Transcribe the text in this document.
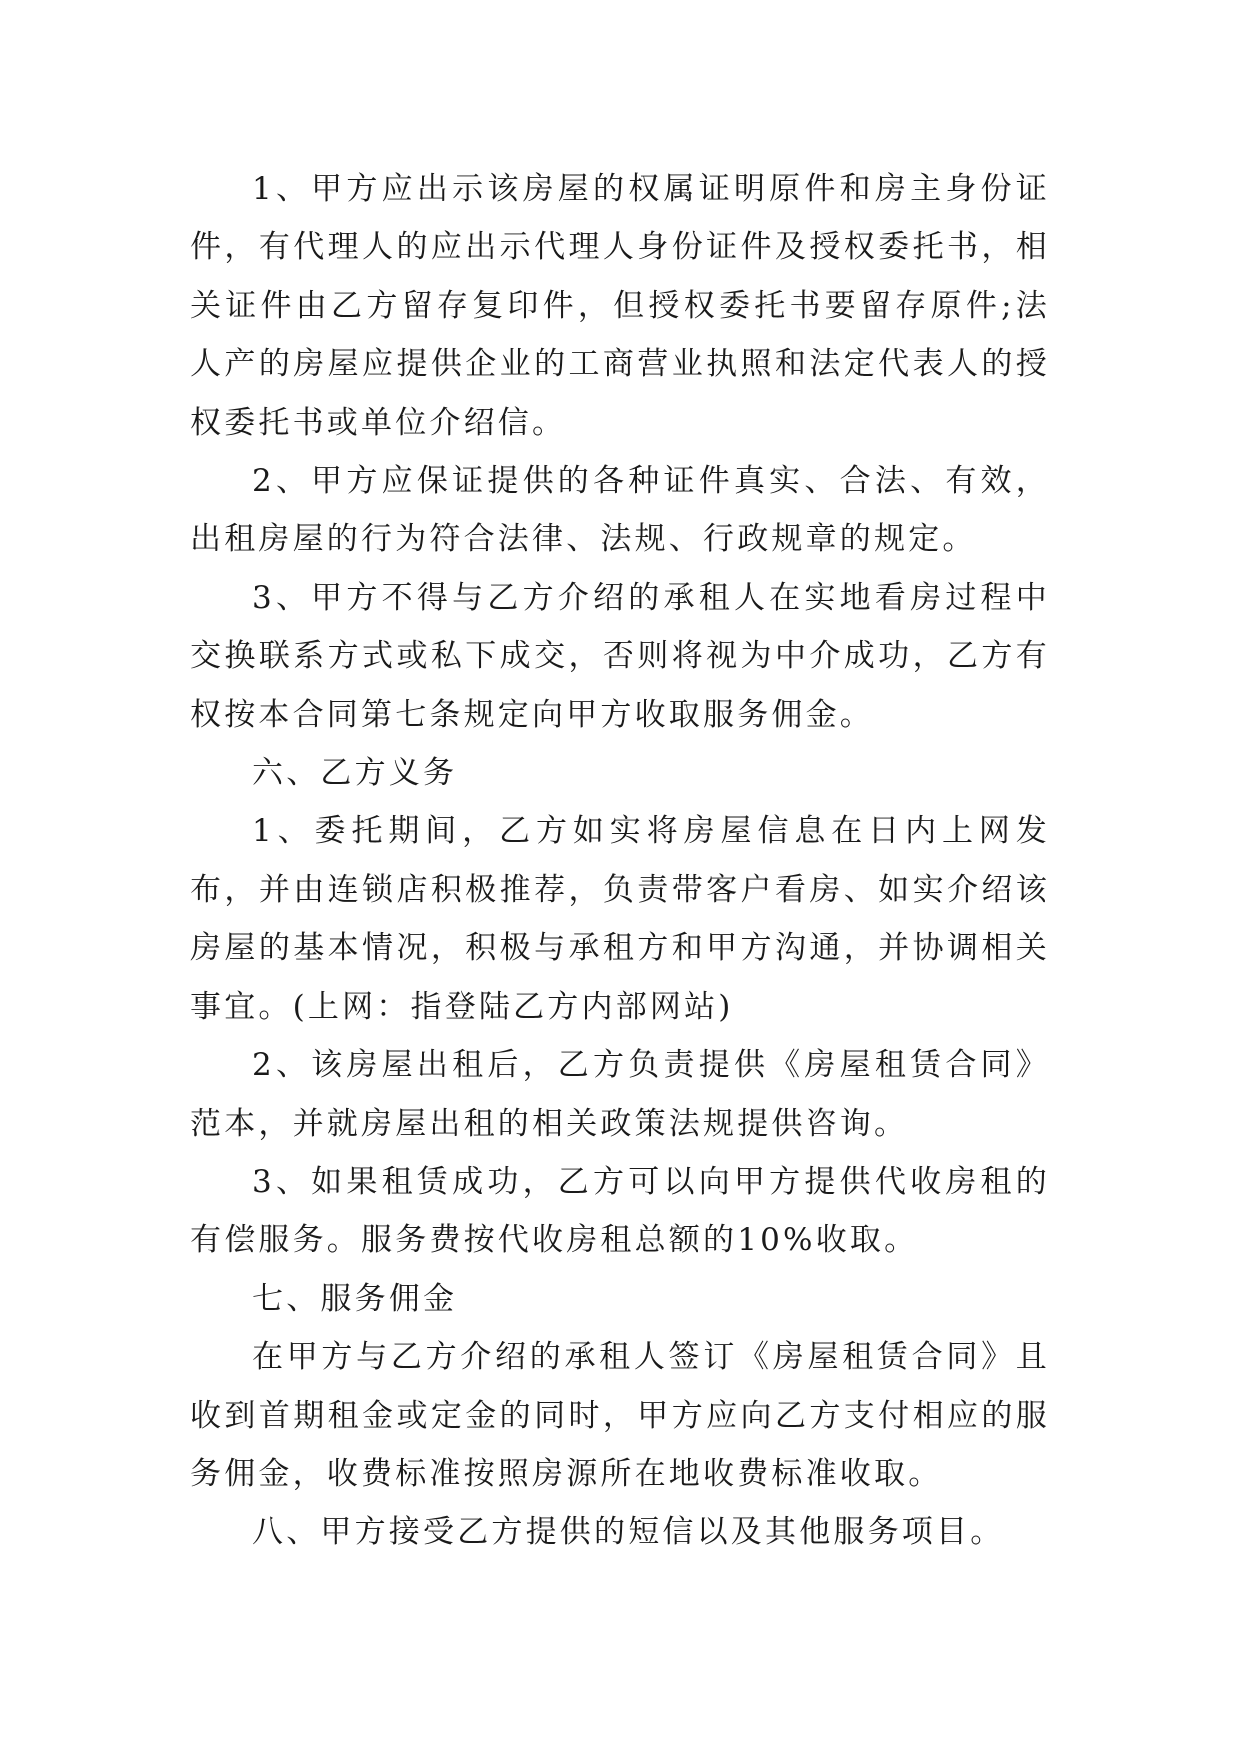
1、甲方应出示该房屋的权属证明原件和房主身份证件，有代理人的应出示代理人身份证件及授权委托书，相关证件由乙方留存复印件，但授权委托书要留存原件;法人产的房屋应提供企业的工商营业执照和法定代表人的授权委托书或单位介绍信。

2、甲方应保证提供的各种证件真实、合法、有效，出租房屋的行为符合法律、法规、行政规章的规定。

3、甲方不得与乙方介绍的承租人在实地看房过程中交换联系方式或私下成交，否则将视为中介成功，乙方有权按本合同第七条规定向甲方收取服务佣金。

六、乙方义务

1、委托期间，乙方如实将房屋信息在日内上网发布，并由连锁店积极推荐，负责带客户看房、如实介绍该房屋的基本情况，积极与承租方和甲方沟通，并协调相关事宜。(上网：指登陆乙方内部网站)

2、该房屋出租后，乙方负责提供《房屋租赁合同》范本，并就房屋出租的相关政策法规提供咨询。

3、如果租赁成功，乙方可以向甲方提供代收房租的有偿服务。服务费按代收房租总额的10%收取。

七、服务佣金

在甲方与乙方介绍的承租人签订《房屋租赁合同》且收到首期租金或定金的同时，甲方应向乙方支付相应的服务佣金，收费标准按照房源所在地收费标准收取。

八、甲方接受乙方提供的短信以及其他服务项目。
